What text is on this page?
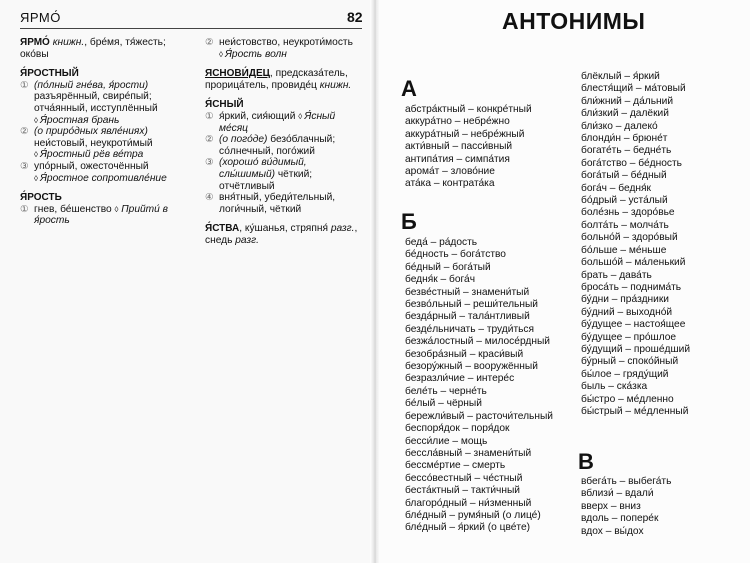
ЯРМО́	82
ЯРМО́ книжн., бре́мя, тя́жесть; око́вы
Я́РОСТНЫЙ
① (по́лный гне́ва, я́рости) разъярённый, свире́пый; отча́янный, исступлённый
◊ Я́ростная брань
② (о приро́дных явле́ниях) неи́стовый, неукроти́мый
◊ Я́ростный рёв ве́тра
③ упо́рный, ожесточённый
◊ Я́ростное сопротивле́ние
Я́РОСТЬ
① гнев, бе́шенство ◊ Прийти́ в я́рость
② неи́стовство, неукроти́мость
◊ Я́рость волн
ЯСНОВИ́ДЕЦ, предсказа́тель, прорица́тель, провиде́ц книжн.
Я́СНЫЙ
① я́ркий, сия́ющий ◊ Я́сный ме́сяц
② (о пого́де) безо́блачный; со́лнечный, пого́жий
③ (хорошо́ ви́димый, слы́шимый) чёткий; отчётливый
④ вня́тный, убеди́тельный, логи́чный, чёткий
Я́СТВА, ку́шанья, стряпня́ разг., снедь разг.
АНТОНИМЫ
А
абстра́ктный – конкре́тный
аккура́тно – небре́жно
аккура́тный – небре́жный
акти́вный – пасси́вный
антипа́тия – симпа́тия
арома́т – злово́ние
ата́ка – контрата́ка
Б
беда́ – ра́дость
бе́дность – бога́тство
бе́дный – бога́тый
бедня́к – бога́ч
безве́стный – знамени́тый
безво́льный – реши́тельный
безда́рный – тала́нтливый
безде́льничать – труди́ться
безжа́лостный – милосе́рдный
безобра́зный – краси́вый
безору́жный – вооружённый
безразли́чие – интере́с
беле́ть – черне́ть
бе́лый – чёрный
бережли́вый – расточи́тельный
беспоря́док – поря́док
бесси́лие – мощь
бессла́вный – знамени́тый
бессме́ртие – смерть
бессо́вестный – че́стный
беста́ктный – такти́чный
благоро́дный – ни́зменный
бле́дный – румя́ный (о лице́)
бле́дный – я́ркий (о цве́те)
блёклый – я́ркий
блестя́щий – ма́товый
бли́жний – да́льний
бли́зкий – далёкий
бли́зко – далеко́
блонди́н – брюне́т
богате́ть – бедне́ть
бога́тство – бе́дность
бога́тый – бе́дный
бога́ч – бедня́к
бо́дрый – уста́лый
боле́знь – здоро́вье
болта́ть – молча́ть
больно́й – здоро́вый
бо́льше – ме́ньше
большо́й – ма́ленький
брать – дава́ть
броса́ть – поднима́ть
бу́дни – пра́здники
бу́дний – выходно́й
бу́дущее – настоя́щее
бу́дущее – про́шлое
бу́дущий – проше́дший
бу́рный – споко́йный
бы́лое – гряду́щий
быль – ска́зка
бы́стро – ме́дленно
бы́стрый – ме́дленный
В
вбега́ть – выбега́ть
вблизи́ – вдали́
вверх – вниз
вдоль – попере́к
вдох – вы́дох
